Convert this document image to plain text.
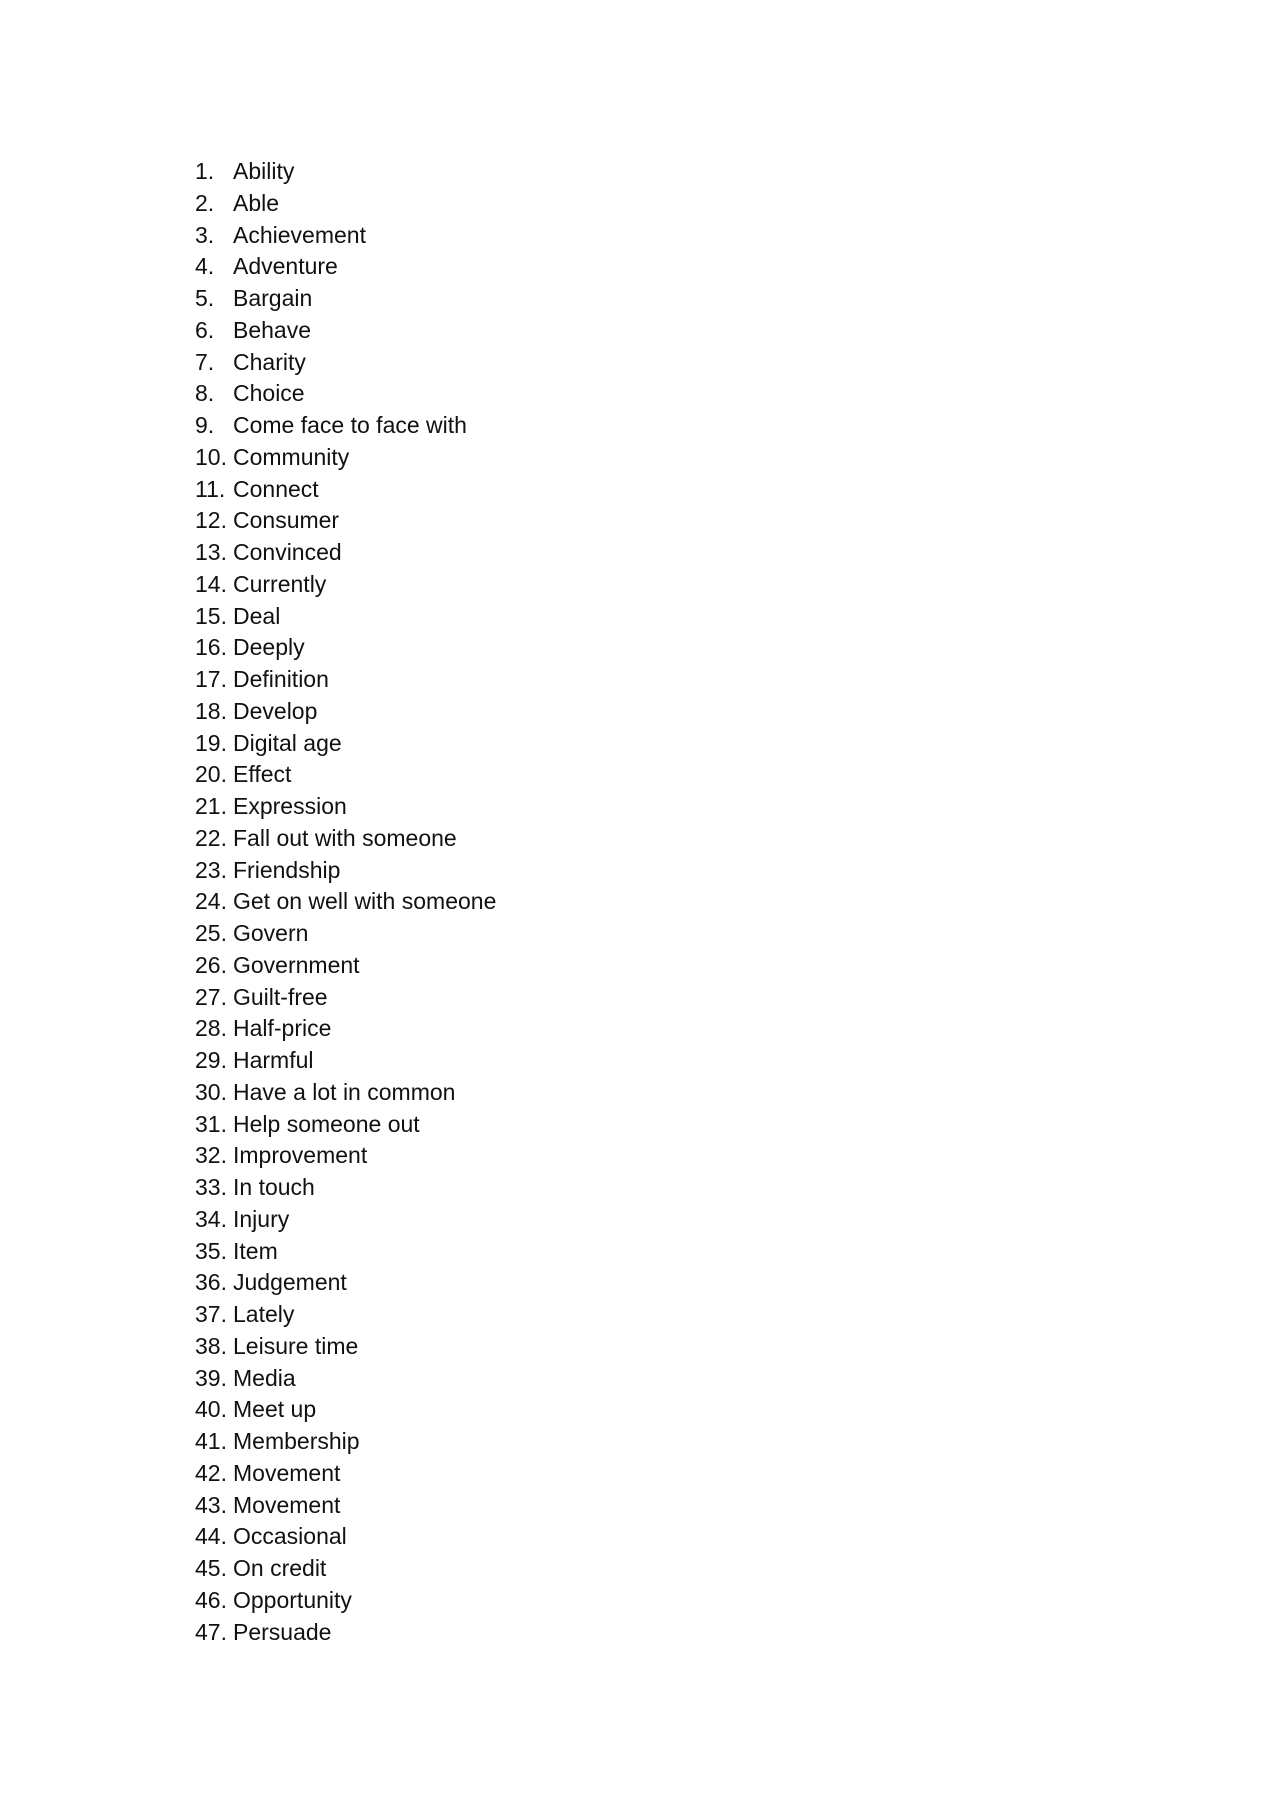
1. Ability
2. Able
3. Achievement
4. Adventure
5. Bargain
6. Behave
7. Charity
8. Choice
9. Come face to face with
10. Community
11. Connect
12. Consumer
13. Convinced
14. Currently
15. Deal
16. Deeply
17. Definition
18. Develop
19. Digital age
20. Effect
21. Expression
22. Fall out with someone
23. Friendship
24. Get on well with someone
25. Govern
26. Government
27. Guilt-free
28. Half-price
29. Harmful
30. Have a lot in common
31. Help someone out
32. Improvement
33. In touch
34. Injury
35. Item
36. Judgement
37. Lately
38. Leisure time
39. Media
40. Meet up
41. Membership
42. Movement
43. Movement
44. Occasional
45. On credit
46. Opportunity
47. Persuade
